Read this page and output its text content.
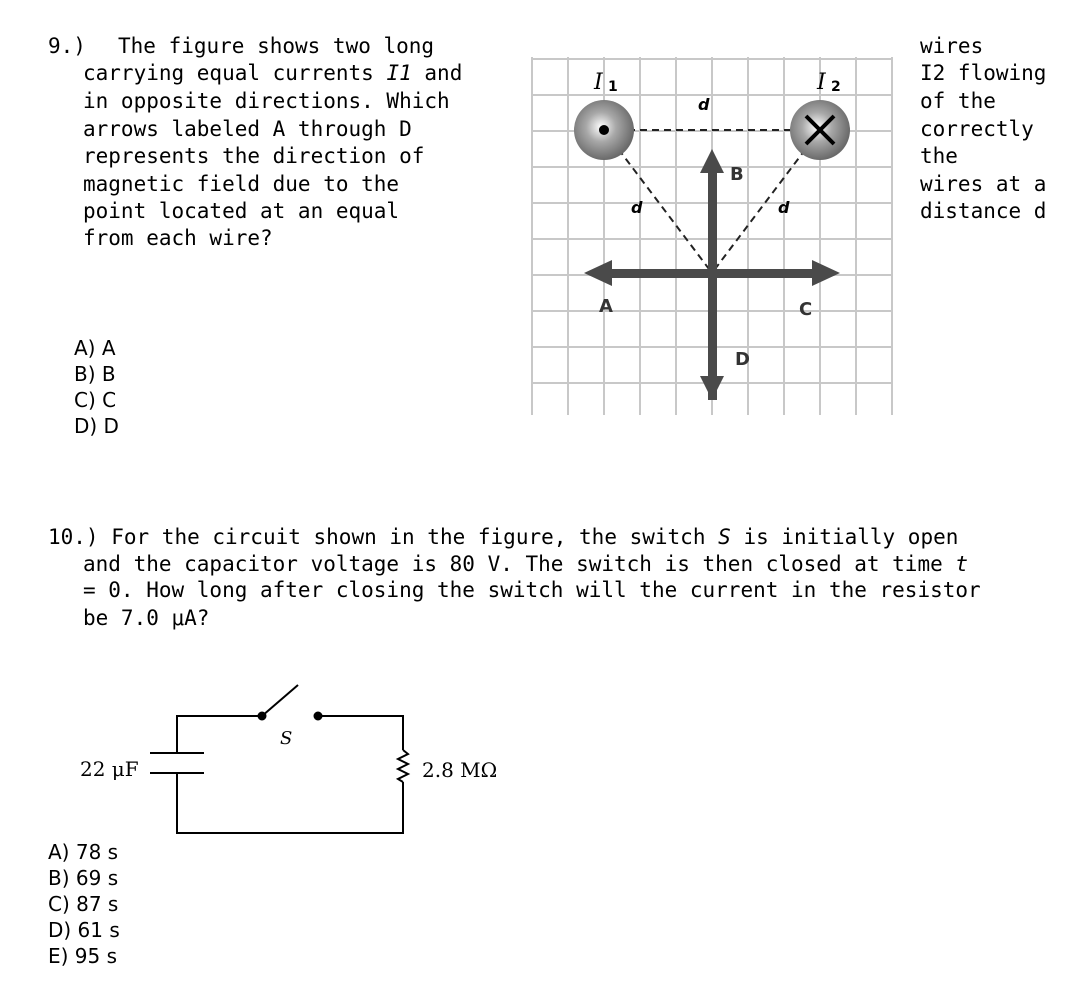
9.) The figure shows two long
carrying equal currents I1 and
in opposite directions. Which
arrows labeled A through D
represents the direction of
magnetic field due to the
point located at an equal
from each wire?
wires
I2 flowing
of the
correctly
the
wires at a
distance d
A) A
B) B
C) C
D) D
I 1	I 2
d
d	d
A
B
C
D
10.) For the circuit shown in the figure, the switch S is initially open
and the capacitor voltage is 80 V. The switch is then closed at time t
= 0. How long after closing the switch will the current in the resistor
be 7.0 μA?
22 μF
S
2.8 MΩ
A) 78 s
B) 69 s
C) 87 s
D) 61 s
E) 95 s
